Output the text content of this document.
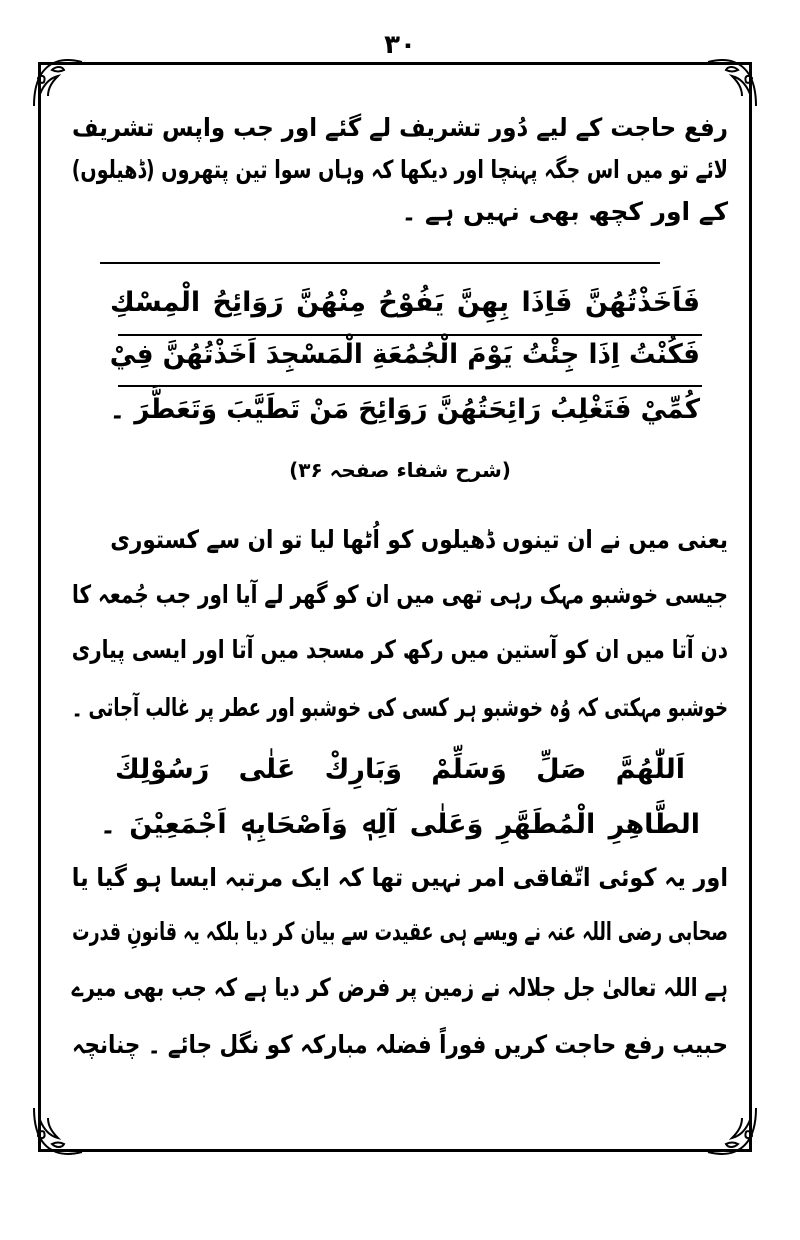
۳۰
رفع حاجت کے لیے دُور تشریف لے گئے اور جب واپس تشریف
لائے تو میں اس جگہ پہنچا اور دیکھا کہ وہاں سوا تین پتھروں (ڈھیلوں)
کے اور کچھ بھی نہیں ہے ۔
فَاَخَذْتُهُنَّ فَاِذَا بِهِنَّ يَفُوْحُ مِنْهُنَّ رَوَائِحُ الْمِسْكِ
فَكُنْتُ اِذَا جِئْتُ يَوْمَ الْجُمُعَةِ الْمَسْجِدَ اَخَذْتُهُنَّ فِيْ
كُمِّيْ فَتَغْلِبُ رَائِحَتُهُنَّ رَوَائِحَ مَنْ تَطَيَّبَ وَتَعَطَّرَ ۔
(شرح شفاء صفحہ ۳۶)
یعنی میں نے ان تینوں ڈھیلوں کو اُٹھا لیا تو ان سے کستوری
جیسی خوشبو مہک رہی تھی میں ان کو گھر لے آیا اور جب جُمعہ کا
دن آتا میں ان کو آستین میں رکھ کر مسجد میں آتا اور ایسی پیاری
خوشبو مہکتی کہ وُہ خوشبو ہر کسی کی خوشبو اور عطر پر غالب آجاتی ۔
اَللّٰهُمَّ صَلِّ وَسَلِّمْ وَبَارِكْ عَلٰى رَسُوْلِكَ
الطَّاهِرِ الْمُطَهَّرِ وَعَلٰى آلِهٖ وَاَصْحَابِهٖ اَجْمَعِيْنَ ۔
اور یہ کوئی اتّفاقی امر نہیں تھا کہ ایک مرتبہ ایسا ہو گیا یا
صحابی رضی اللہ عنہ نے ویسے ہی عقیدت سے بیان کر دیا بلکہ یہ قانونِ قدرت
ہے اللہ تعالیٰ جل جلالہ نے زمین پر فرض کر دیا ہے کہ جب بھی میرے
حبیب رفع حاجت کریں فوراً فضلہ مبارکہ کو نگل جائے ۔ چنانچہ
